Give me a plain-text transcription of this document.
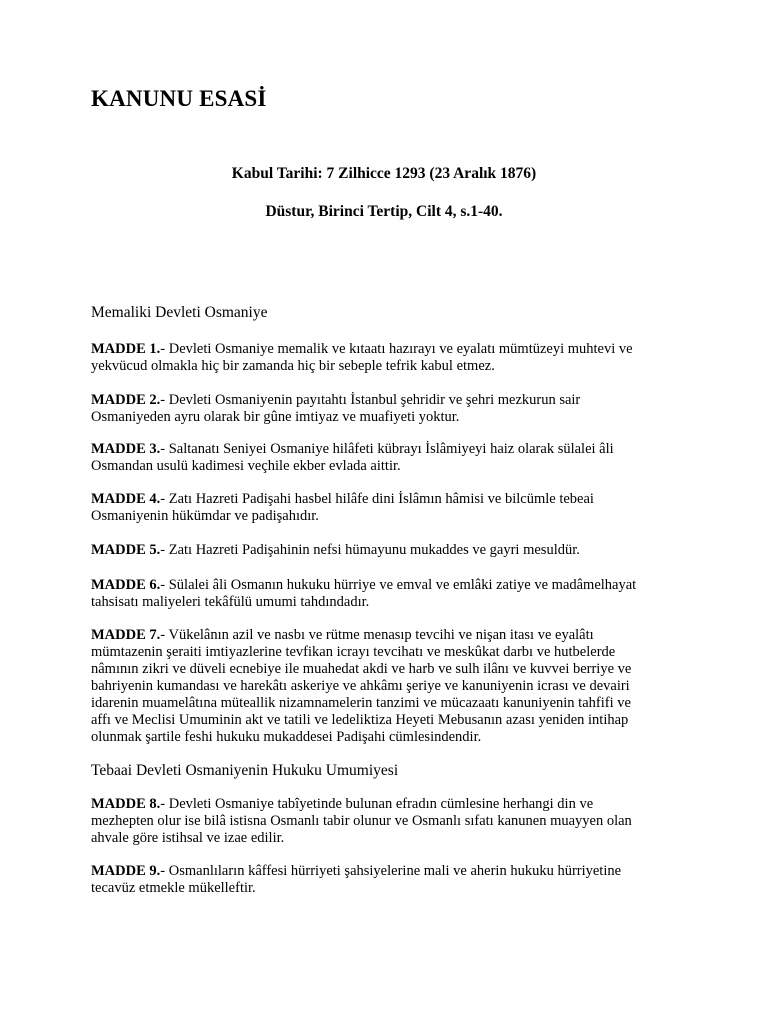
KANUNU ESASİ

Kabul Tarihi: 7 Zilhicce 1293 (23 Aralık 1876)

Düstur, Birinci Tertip, Cilt 4, s.1-40.

Memaliki Devleti Osmaniye

MADDE 1.- Devleti Osmaniye memalik ve kıtaatı hazırayı ve eyalatı mümtüzeyi muhtevi ve
yekvücud olmakla hiç bir zamanda hiç bir sebeple tefrik kabul etmez.
MADDE 2.- Devleti Osmaniyenin payıtahtı İstanbul şehridir ve şehri mezkurun sair
Osmaniyeden ayru olarak bir gûne imtiyaz ve muafiyeti yoktur.
MADDE 3.- Saltanatı Seniyei Osmaniye hilâfeti kübrayı İslâmiyeyi haiz olarak sülalei âli
Osmandan usulü kadimesi veçhile ekber evlada aittir.
MADDE 4.- Zatı Hazreti Padişahi hasbel hilâfe dini İslâmın hâmisi ve bilcümle tebeai
Osmaniyenin hükümdar ve padişahıdır.
MADDE 5.- Zatı Hazreti Padişahinin nefsi hümayunu mukaddes ve gayri mesuldür.
MADDE 6.- Sülalei âli Osmanın hukuku hürriye ve emval ve emlâki zatiye ve madâmelhayat
tahsisatı maliyeleri tekâfülü umumi tahdındadır.
MADDE 7.- Vükelânın azil ve nasbı ve rütme menasıp tevcihi ve nişan itası ve eyalâtı
mümtazenin şeraiti imtiyazlerine tevfikan icrayı tevcihatı ve meskûkat darbı ve hutbelerde
nâmının zikri ve düveli ecnebiye ile muahedat akdi ve harb ve sulh ilânı ve kuvvei berriye ve
bahriyenin kumandası ve harekâtı askeriye ve ahkâmı şeriye ve kanuniyenin icrası ve devairi
idarenin muamelâtına müteallik nizamnamelerin tanzimi ve mücazaatı kanuniyenin tahfifi ve
affı ve Meclisi Umuminin akt ve tatili ve ledeliktiza Heyeti Mebusanın azası yeniden intihap
olunmak şartile feshi hukuku mukaddesei Padişahi cümlesindendir.

Tebaai Devleti Osmaniyenin Hukuku Umumiyesi

MADDE 8.- Devleti Osmaniye tabîyetinde bulunan efradın cümlesine herhangi din ve
mezhepten olur ise bilâ istisna Osmanlı tabir olunur ve Osmanlı sıfatı kanunen muayyen olan
ahvale göre istihsal ve izae edilir.
MADDE 9.- Osmanlıların kâffesi hürriyeti şahsiyelerine mali ve aherin hukuku hürriyetine
tecavüz etmekle mükelleftir.
